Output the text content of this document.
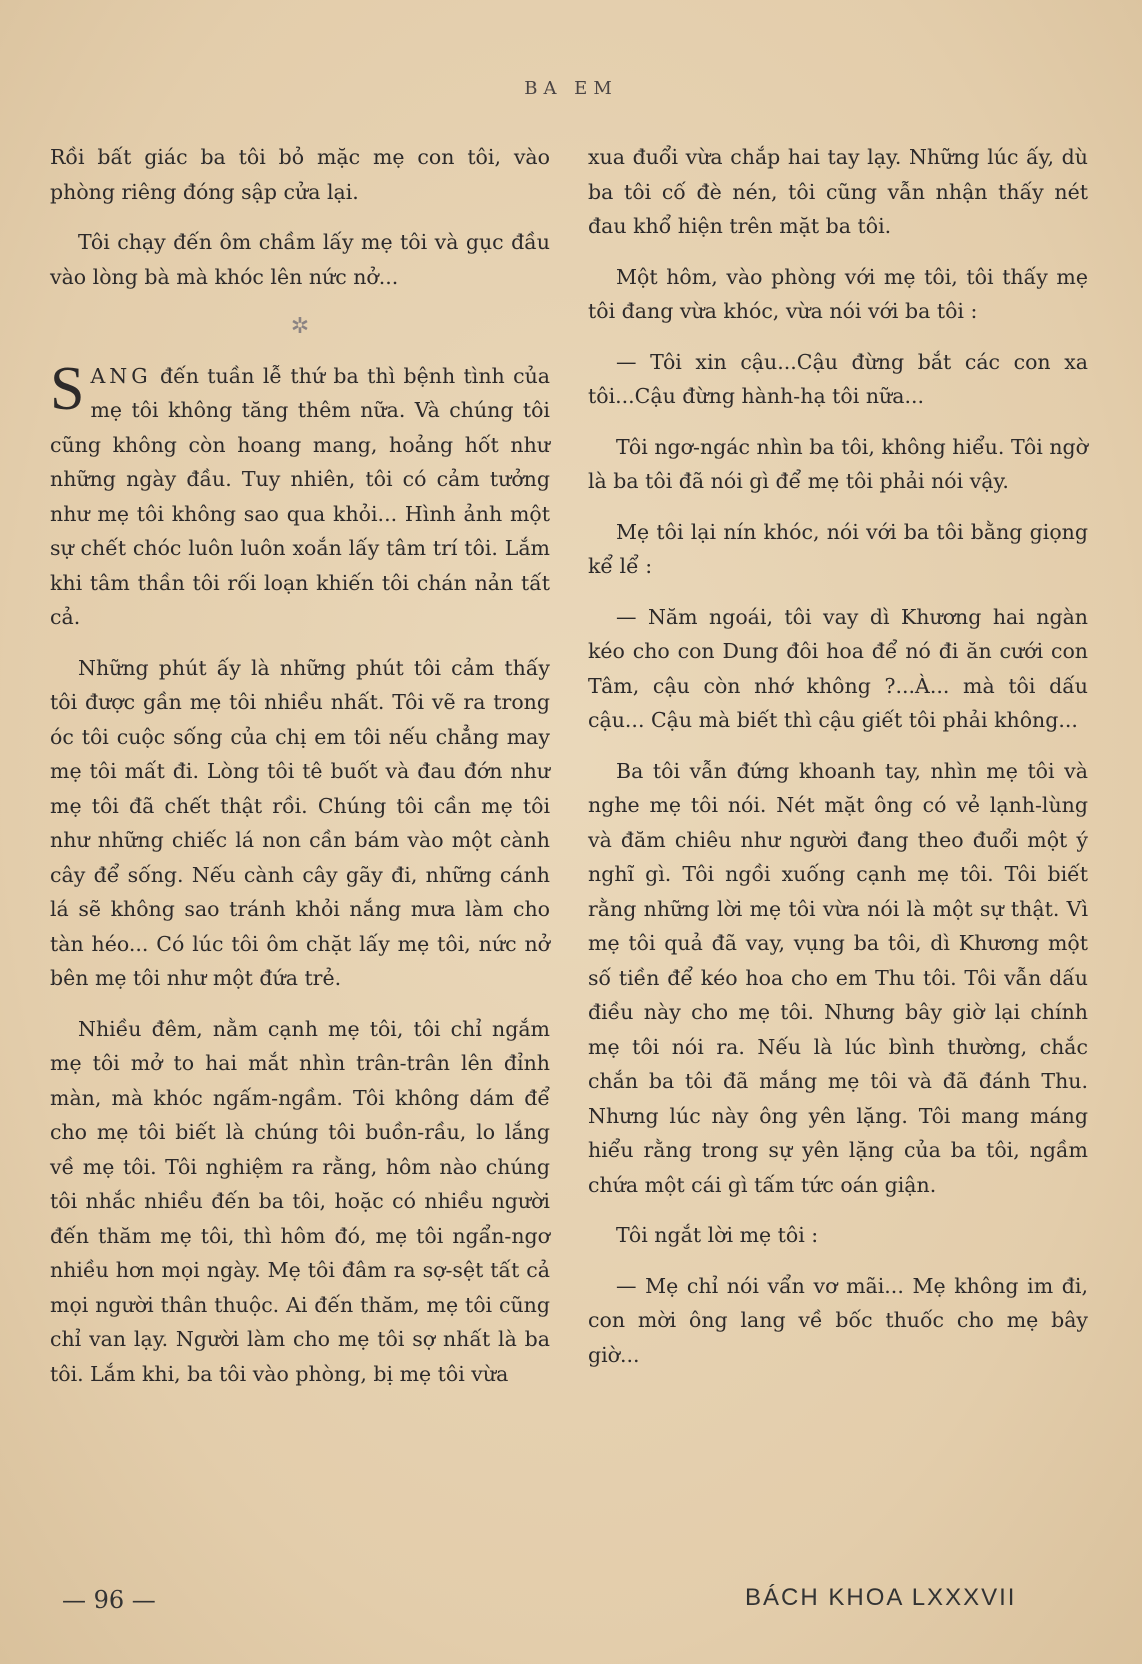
BA EM

Rồi bất giác ba tôi bỏ mặc mẹ con tôi, vào phòng riêng đóng sập cửa lại.

Tôi chạy đến ôm chầm lấy mẹ tôi và gục đầu vào lòng bà mà khóc lên nức nở...

✲

SANG đến tuần lễ thứ ba thì bệnh tình của mẹ tôi không tăng thêm nữa. Và chúng tôi cũng không còn hoang mang, hoảng hốt như những ngày đầu. Tuy nhiên, tôi có cảm tưởng như mẹ tôi không sao qua khỏi... Hình ảnh một sự chết chóc luôn luôn xoắn lấy tâm trí tôi. Lắm khi tâm thần tôi rối loạn khiến tôi chán nản tất cả.

Những phút ấy là những phút tôi cảm thấy tôi được gần mẹ tôi nhiều nhất. Tôi vẽ ra trong óc tôi cuộc sống của chị em tôi nếu chẳng may mẹ tôi mất đi. Lòng tôi tê buốt và đau đớn như mẹ tôi đã chết thật rồi. Chúng tôi cần mẹ tôi như những chiếc lá non cần bám vào một cành cây để sống. Nếu cành cây gãy đi, những cánh lá sẽ không sao tránh khỏi nắng mưa làm cho tàn héo... Có lúc tôi ôm chặt lấy mẹ tôi, nức nở bên mẹ tôi như một đứa trẻ.

Nhiều đêm, nằm cạnh mẹ tôi, tôi chỉ ngắm mẹ tôi mở to hai mắt nhìn trân-trân lên đỉnh màn, mà khóc ngấm-ngầm. Tôi không dám để cho mẹ tôi biết là chúng tôi buồn-rầu, lo lắng về mẹ tôi. Tôi nghiệm ra rằng, hôm nào chúng tôi nhắc nhiều đến ba tôi, hoặc có nhiều người đến thăm mẹ tôi, thì hôm đó, mẹ tôi ngẩn-ngơ nhiều hơn mọi ngày. Mẹ tôi đâm ra sợ-sệt tất cả mọi người thân thuộc. Ai đến thăm, mẹ tôi cũng chỉ van lạy. Người làm cho mẹ tôi sợ nhất là ba tôi. Lắm khi, ba tôi vào phòng, bị mẹ tôi vừa

xua đuổi vừa chắp hai tay lạy. Những lúc ấy, dù ba tôi cố đè nén, tôi cũng vẫn nhận thấy nét đau khổ hiện trên mặt ba tôi.

Một hôm, vào phòng với mẹ tôi, tôi thấy mẹ tôi đang vừa khóc, vừa nói với ba tôi :

— Tôi xin cậu...Cậu đừng bắt các con xa tôi...Cậu đừng hành-hạ tôi nữa...

Tôi ngơ-ngác nhìn ba tôi, không hiểu. Tôi ngờ là ba tôi đã nói gì để mẹ tôi phải nói vậy.

Mẹ tôi lại nín khóc, nói với ba tôi bằng giọng kể lể :

— Năm ngoái, tôi vay dì Khương hai ngàn kéo cho con Dung đôi hoa để nó đi ăn cưới con Tâm, cậu còn nhớ không ?...À... mà tôi dấu cậu... Cậu mà biết thì cậu giết tôi phải không...

Ba tôi vẫn đứng khoanh tay, nhìn mẹ tôi và nghe mẹ tôi nói. Nét mặt ông có vẻ lạnh-lùng và đăm chiêu như người đang theo đuổi một ý nghĩ gì. Tôi ngồi xuống cạnh mẹ tôi. Tôi biết rằng những lời mẹ tôi vừa nói là một sự thật. Vì mẹ tôi quả đã vay, vụng ba tôi, dì Khương một số tiền để kéo hoa cho em Thu tôi. Tôi vẫn dấu điều này cho mẹ tôi. Nhưng bây giờ lại chính mẹ tôi nói ra. Nếu là lúc bình thường, chắc chắn ba tôi đã mắng mẹ tôi và đã đánh Thu. Nhưng lúc này ông yên lặng. Tôi mang máng hiểu rằng trong sự yên lặng của ba tôi, ngầm chứa một cái gì tấm tức oán giận.

Tôi ngắt lời mẹ tôi :

— Mẹ chỉ nói vẩn vơ mãi... Mẹ không im đi, con mời ông lang về bốc thuốc cho mẹ bây giờ...

— 96 —	BÁCH KHOA LXXXVII
